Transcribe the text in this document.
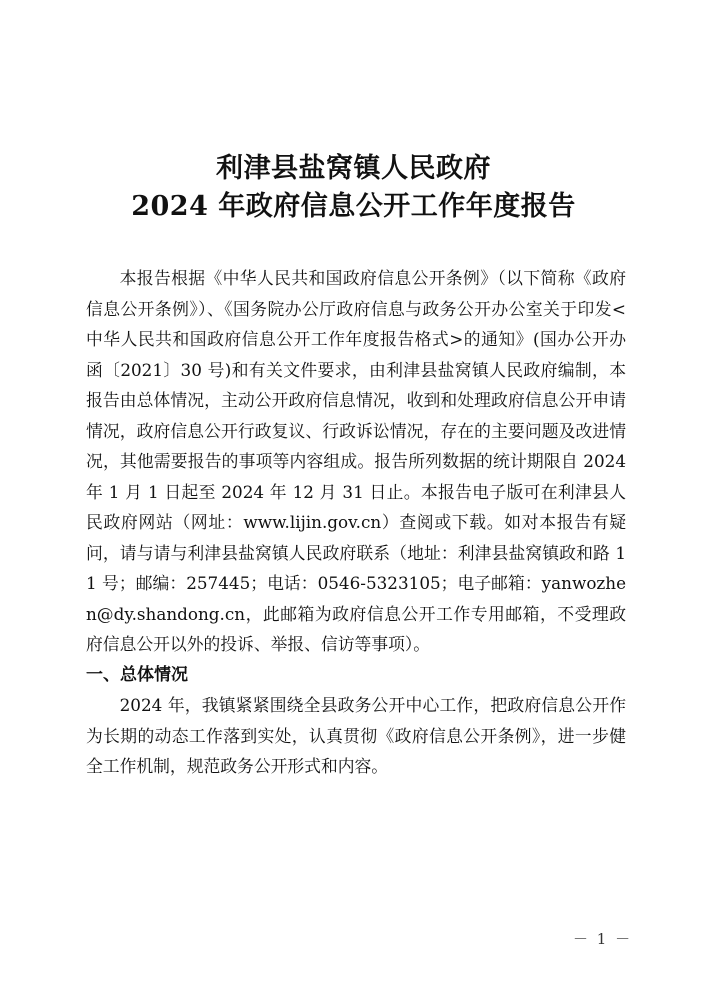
利津县盐窝镇人民政府
2024 年政府信息公开工作年度报告

本报告根据《中华人民共和国政府信息公开条例》（以下简称《政府信息公开条例》）、《国务院办公厅政府信息与政务公开办公室关于印发<中华人民共和国政府信息公开工作年度报告格式>的通知》(国办公开办函〔2021〕30 号)和有关文件要求，由利津县盐窝镇人民政府编制，本报告由总体情况，主动公开政府信息情况，收到和处理政府信息公开申请情况，政府信息公开行政复议、行政诉讼情况，存在的主要问题及改进情况，其他需要报告的事项等内容组成。报告所列数据的统计期限自 2024 年 1 月 1 日起至 2024 年 12 月 31 日止。本报告电子版可在利津县人民政府网站（网址：www.lijin.gov.cn）查阅或下载。如对本报告有疑问，请与请与利津县盐窝镇人民政府联系（地址：利津县盐窝镇政和路 11 号；邮编：257445；电话：0546-5323105；电子邮箱：yanwozhen@dy.shandong.cn，此邮箱为政府信息公开工作专用邮箱，不受理政府信息公开以外的投诉、举报、信访等事项）。

一、总体情况

2024 年，我镇紧紧围绕全县政务公开中心工作，把政府信息公开作为长期的动态工作落到实处，认真贯彻《政府信息公开条例》，进一步健全工作机制，规范政务公开形式和内容。

－ 1 －
